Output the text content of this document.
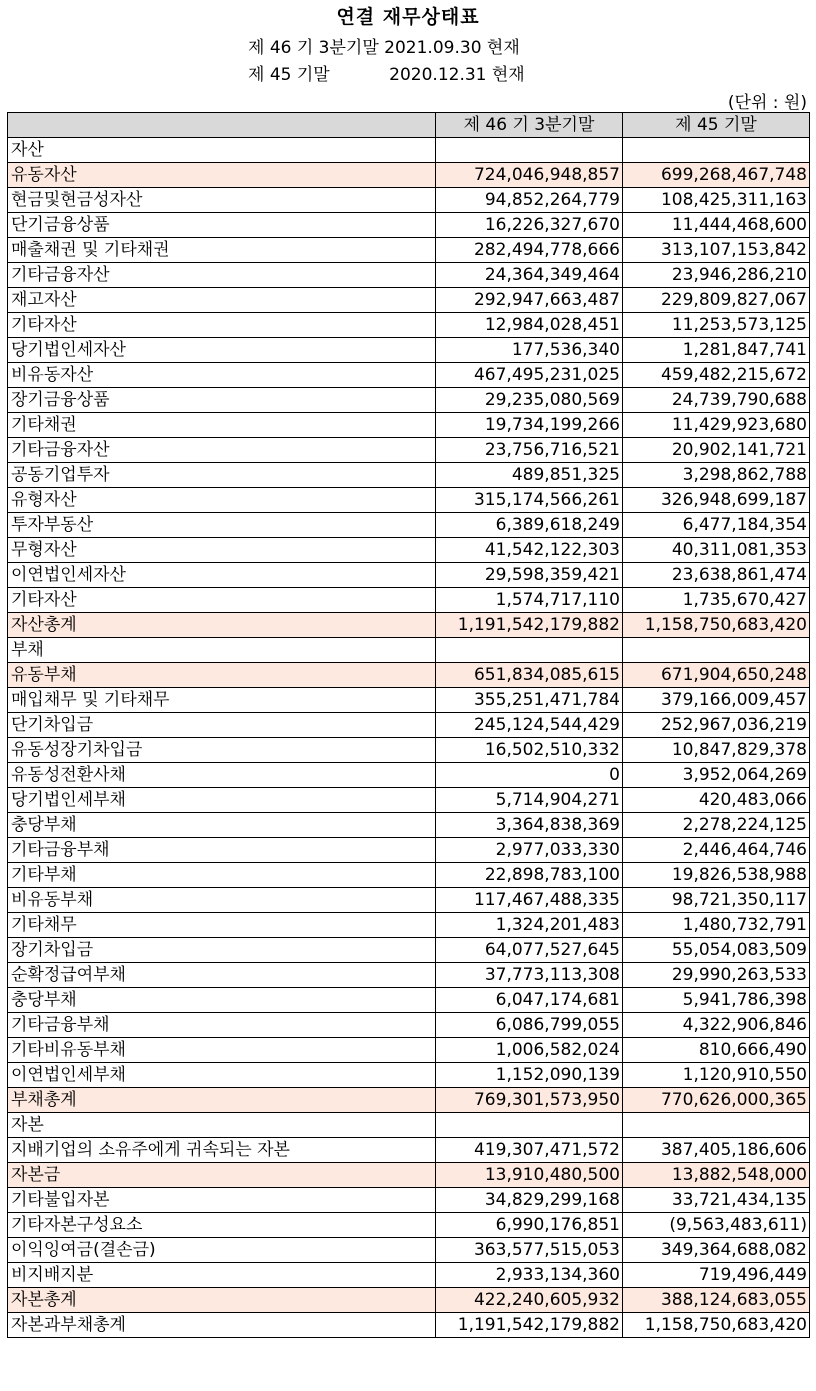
연결 재무상태표
제 46 기 3분기말 2021.09.30 현재
제 45 기말           2020.12.31 현재
(단위 : 원)
	제 46 기 3분기말	제 45 기말
자산		
유동자산	724,046,948,857	699,268,467,748
현금및현금성자산	94,852,264,779	108,425,311,163
단기금융상품	16,226,327,670	11,444,468,600
매출채권 및 기타채권	282,494,778,666	313,107,153,842
기타금융자산	24,364,349,464	23,946,286,210
재고자산	292,947,663,487	229,809,827,067
기타자산	12,984,028,451	11,253,573,125
당기법인세자산	177,536,340	1,281,847,741
비유동자산	467,495,231,025	459,482,215,672
장기금융상품	29,235,080,569	24,739,790,688
기타채권	19,734,199,266	11,429,923,680
기타금융자산	23,756,716,521	20,902,141,721
공동기업투자	489,851,325	3,298,862,788
유형자산	315,174,566,261	326,948,699,187
투자부동산	6,389,618,249	6,477,184,354
무형자산	41,542,122,303	40,311,081,353
이연법인세자산	29,598,359,421	23,638,861,474
기타자산	1,574,717,110	1,735,670,427
자산총계	1,191,542,179,882	1,158,750,683,420
부채		
유동부채	651,834,085,615	671,904,650,248
매입채무 및 기타채무	355,251,471,784	379,166,009,457
단기차입금	245,124,544,429	252,967,036,219
유동성장기차입금	16,502,510,332	10,847,829,378
유동성전환사채	0	3,952,064,269
당기법인세부채	5,714,904,271	420,483,066
충당부채	3,364,838,369	2,278,224,125
기타금융부채	2,977,033,330	2,446,464,746
기타부채	22,898,783,100	19,826,538,988
비유동부채	117,467,488,335	98,721,350,117
기타채무	1,324,201,483	1,480,732,791
장기차입금	64,077,527,645	55,054,083,509
순확정급여부채	37,773,113,308	29,990,263,533
충당부채	6,047,174,681	5,941,786,398
기타금융부채	6,086,799,055	4,322,906,846
기타비유동부채	1,006,582,024	810,666,490
이연법인세부채	1,152,090,139	1,120,910,550
부채총계	769,301,573,950	770,626,000,365
자본		
지배기업의 소유주에게 귀속되는 자본	419,307,471,572	387,405,186,606
자본금	13,910,480,500	13,882,548,000
기타불입자본	34,829,299,168	33,721,434,135
기타자본구성요소	6,990,176,851	(9,563,483,611)
이익잉여금(결손금)	363,577,515,053	349,364,688,082
비지배지분	2,933,134,360	719,496,449
자본총계	422,240,605,932	388,124,683,055
자본과부채총계	1,191,542,179,882	1,158,750,683,420
